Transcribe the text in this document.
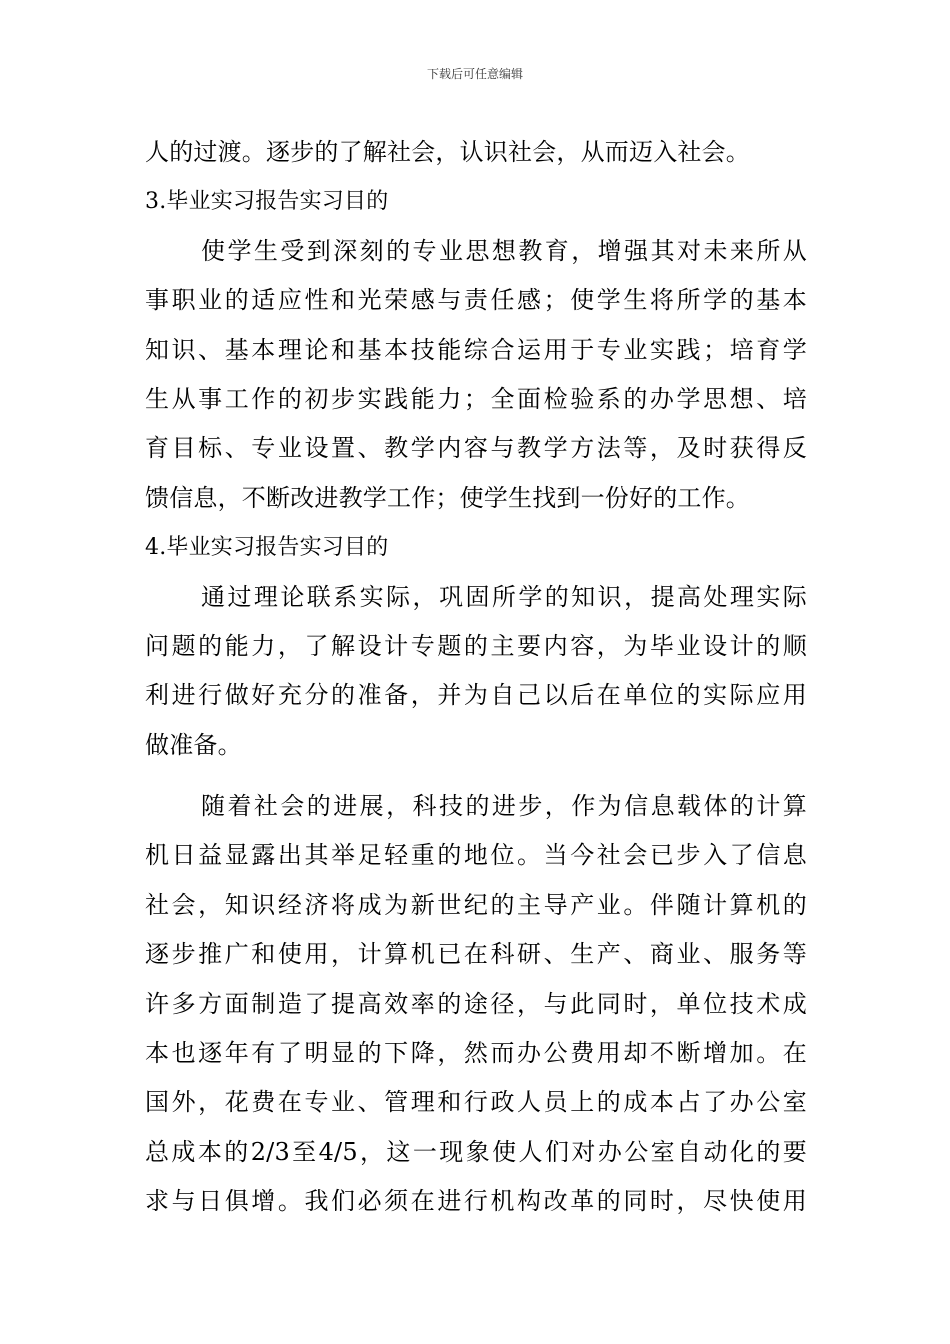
下载后可任意编辑
人的过渡。逐步的了解社会，认识社会，从而迈入社会。
3.毕业实习报告实习目的
使学生受到深刻的专业思想教育，增强其对未来所从
事职业的适应性和光荣感与责任感；使学生将所学的基本
知识、基本理论和基本技能综合运用于专业实践；培育学
生从事工作的初步实践能力；全面检验系的办学思想、培
育目标、专业设置、教学内容与教学方法等，及时获得反
馈信息，不断改进教学工作；使学生找到一份好的工作。
4.毕业实习报告实习目的
通过理论联系实际，巩固所学的知识，提高处理实际
问题的能力，了解设计专题的主要内容，为毕业设计的顺
利进行做好充分的准备，并为自己以后在单位的实际应用
做准备。
随着社会的进展，科技的进步，作为信息载体的计算
机日益显露出其举足轻重的地位。当今社会已步入了信息
社会，知识经济将成为新世纪的主导产业。伴随计算机的
逐步推广和使用，计算机已在科研、生产、商业、服务等
许多方面制造了提高效率的途径，与此同时，单位技术成
本也逐年有了明显的下降，然而办公费用却不断增加。在
国外，花费在专业、管理和行政人员上的成本占了办公室
总成本的2/3至4/5，这一现象使人们对办公室自动化的要
求与日俱增。我们必须在进行机构改革的同时，尽快使用
